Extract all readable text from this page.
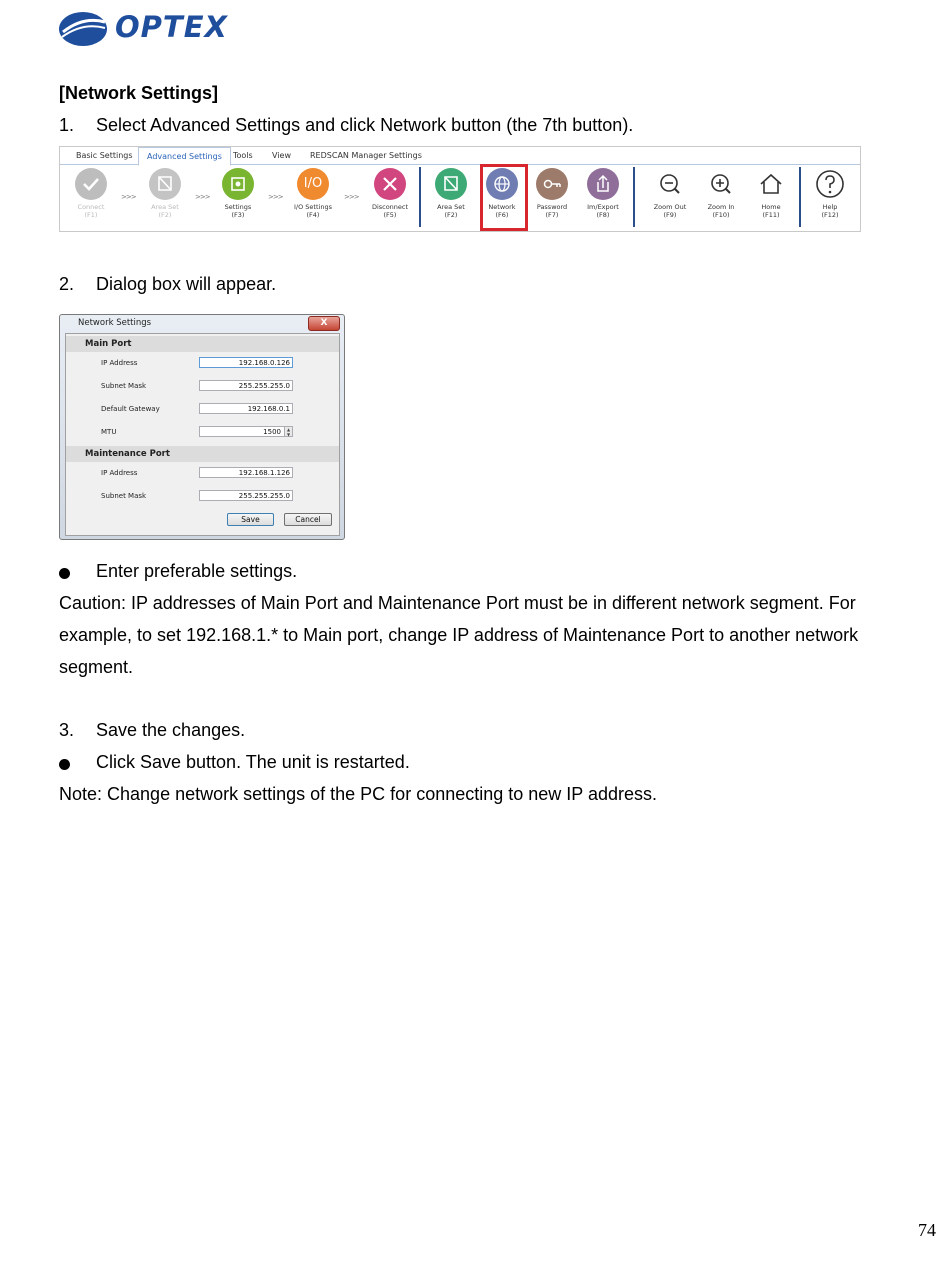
OPTEX
[Network Settings]
1. Select Advanced Settings and click Network button (the 7th button).
Basic Settings	Advanced Settings	Tools View REDSCAN Manager Settings
Connect
(F1)
>>>
Area Set
(F2)
>>>
Settings
(F3)
>>>
I/O
I/O Settings
(F4)
>>>
Disconnect
(F5)
Area Set
(F2)
Network
(F6)
Password
(F7)
Im/Export
(F8)
Zoom Out
(F9)
Zoom In
(F10)
Home
(F11)
Help
(F12)
2. Dialog box will appear.
Network Settings	X
Main Port
IP Address	192.168.0.126
Subnet Mask	255.255.255.0
Default Gateway	192.168.0.1
MTU	1500	▲
▼
Maintenance Port
IP Address	192.168.1.126
Subnet Mask	255.255.255.0
Save	Cancel
Enter preferable settings.
Caution: IP addresses of Main Port and Maintenance Port must be in different network segment. For
example, to set 192.168.1.* to Main port, change IP address of Maintenance Port to another network
segment.
3. Save the changes.
Click Save button. The unit is restarted.
Note: Change network settings of the PC for connecting to new IP address.
74
